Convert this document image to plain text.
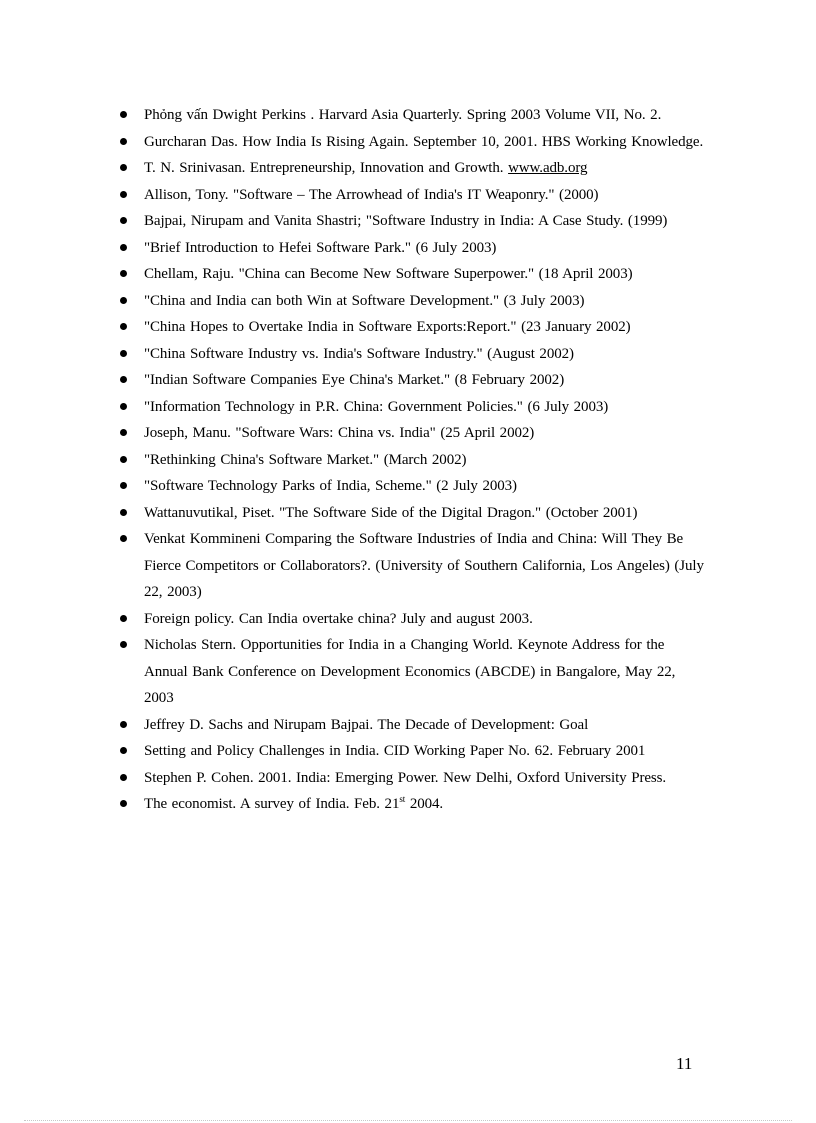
Phỏng vấn Dwight Perkins . Harvard Asia Quarterly. Spring 2003 Volume VII, No. 2.
Gurcharan Das. How India Is Rising Again. September 10, 2001. HBS Working Knowledge.
T. N. Srinivasan. Entrepreneurship, Innovation and Growth. www.adb.org
Allison, Tony. "Software – The Arrowhead of India's IT Weaponry." (2000)
Bajpai, Nirupam and Vanita Shastri; "Software Industry in India: A Case Study. (1999)
"Brief Introduction to Hefei Software Park." (6 July 2003)
Chellam, Raju. "China can Become New Software Superpower." (18 April 2003)
"China and India can both Win at Software Development." (3 July 2003)
"China Hopes to Overtake India in Software Exports:Report." (23 January 2002)
"China Software Industry vs. India's Software Industry." (August 2002)
"Indian Software Companies Eye China's Market." (8 February 2002)
"Information Technology in P.R. China: Government Policies." (6 July 2003)
Joseph, Manu. "Software Wars: China vs. India" (25 April 2002)
"Rethinking China's Software Market." (March 2002)
"Software Technology Parks of India, Scheme." (2 July 2003)
Wattanuvutikal, Piset. "The Software Side of the Digital Dragon." (October 2001)
Venkat Kommineni Comparing the Software Industries of India and China: Will They Be Fierce Competitors or Collaborators?. (University of Southern California, Los Angeles) (July 22, 2003)
Foreign policy. Can India overtake china? July and august 2003.
Nicholas Stern. Opportunities for India in a Changing World. Keynote Address for the Annual Bank Conference on Development Economics (ABCDE) in Bangalore, May 22, 2003
Jeffrey D. Sachs and Nirupam Bajpai. The Decade of Development: Goal
Setting and Policy Challenges in India. CID Working Paper No. 62. February 2001
Stephen P. Cohen. 2001. India: Emerging Power. New Delhi, Oxford University Press.
The economist. A survey of India. Feb. 21st 2004.
11
